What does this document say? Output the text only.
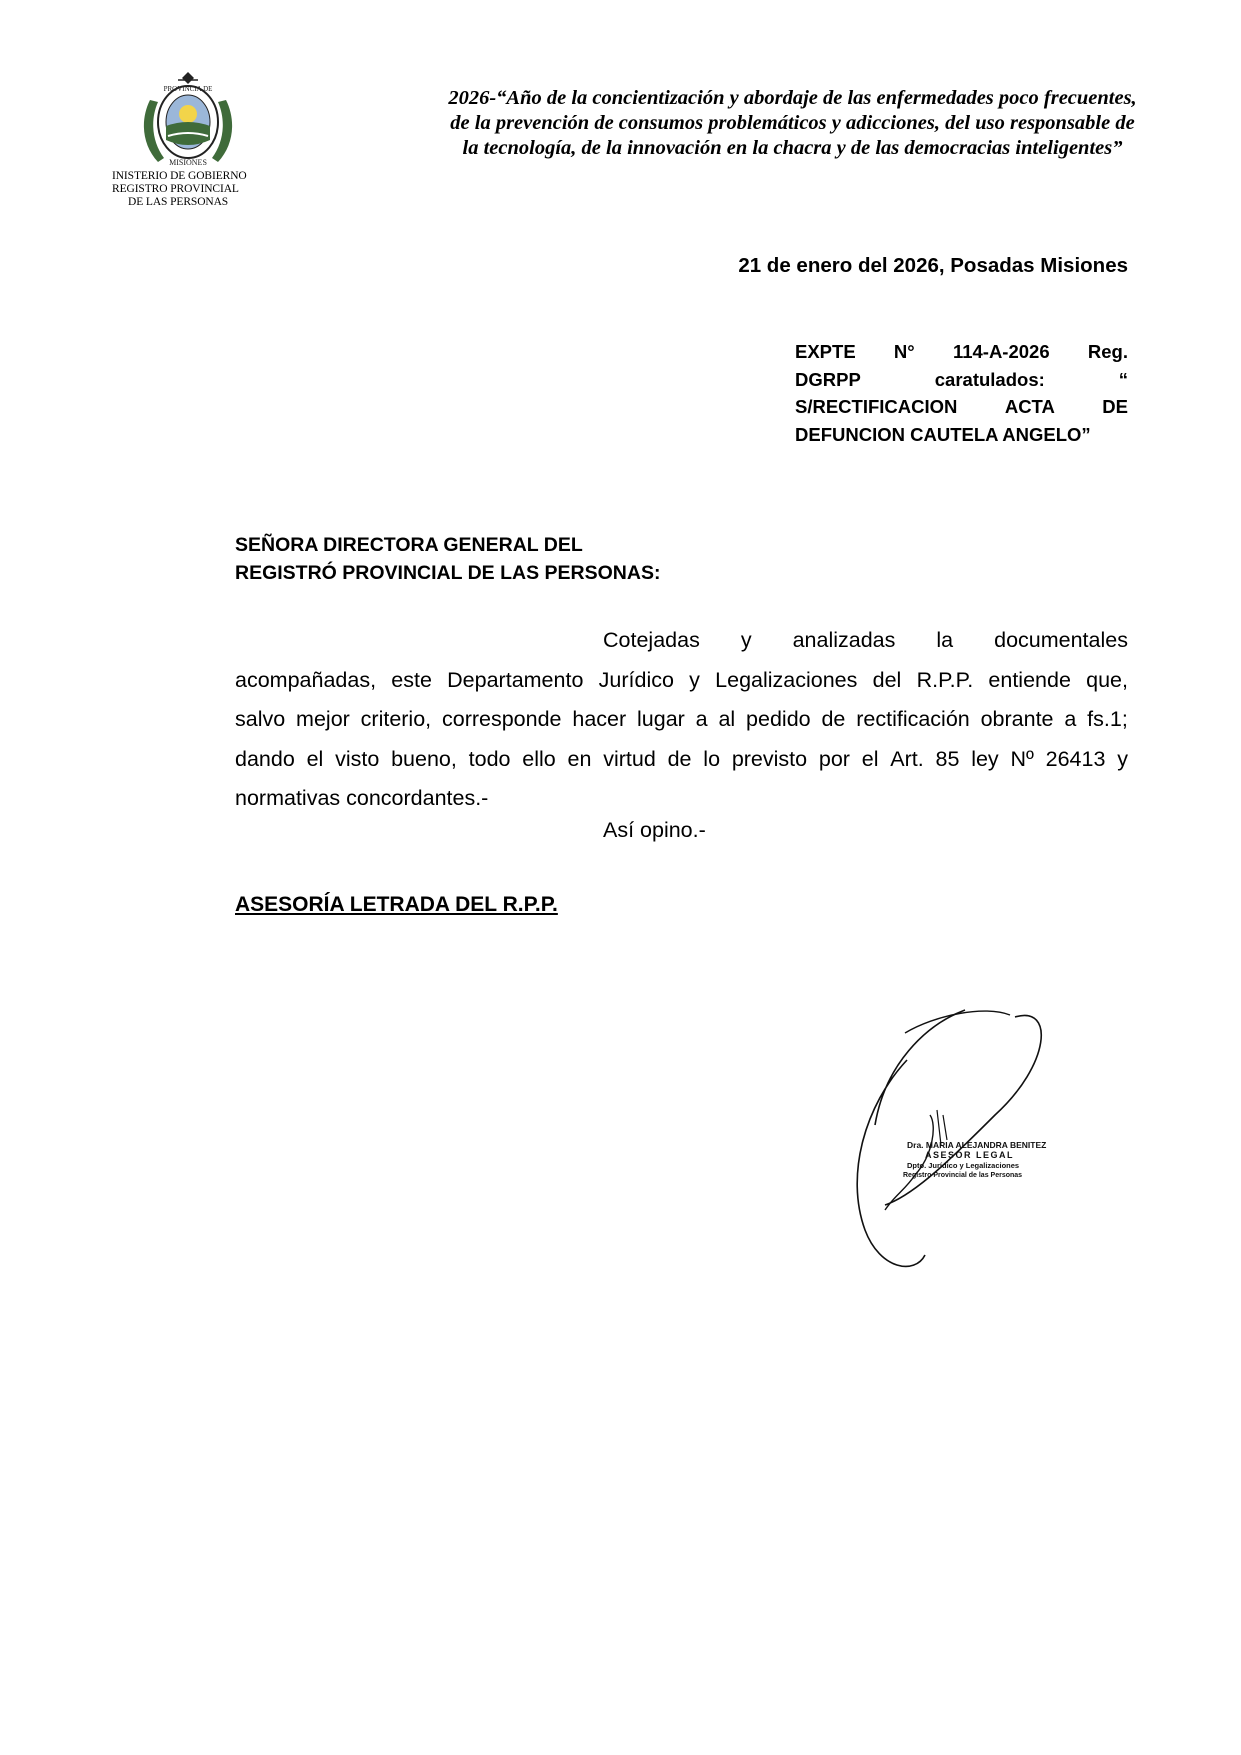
PROVINCIA DE
MISIONES
INISTERIO DE GOBIERNO
REGISTRO PROVINCIAL
DE LAS PERSONAS
2026-“Año de la concientización y abordaje de las enfermedades poco frecuentes,
de la prevención de consumos problemáticos y adicciones, del uso responsable de
la tecnología, de la innovación en la chacra y de las democracias inteligentes”
21 de enero del 2026, Posadas Misiones
EXPTE N° 114-A-2026 Reg.
DGRPP	caratulados:	“
S/RECTIFICACION	ACTA	DE
DEFUNCION CAUTELA ANGELO”
SEÑORA DIRECTORA GENERAL DEL
REGISTRÓ PROVINCIAL DE LAS PERSONAS:
Cotejadas y analizadas la documentales
acompañadas, este Departamento Jurídico y Legalizaciones del R.P.P. entiende que,
salvo mejor criterio, corresponde hacer lugar a al pedido de rectificación obrante a fs.1;
dando el visto bueno, todo ello en virtud de lo previsto por el Art. 85 ley Nº 26413 y
normativas concordantes.-
Así opino.-
ASESORÍA LETRADA DEL R.P.P.
Dra. MARIA ALEJANDRA BENITEZ
ASESOR LEGAL
Dpto. Jurídico y Legalizaciones
Registro Provincial de las Personas
